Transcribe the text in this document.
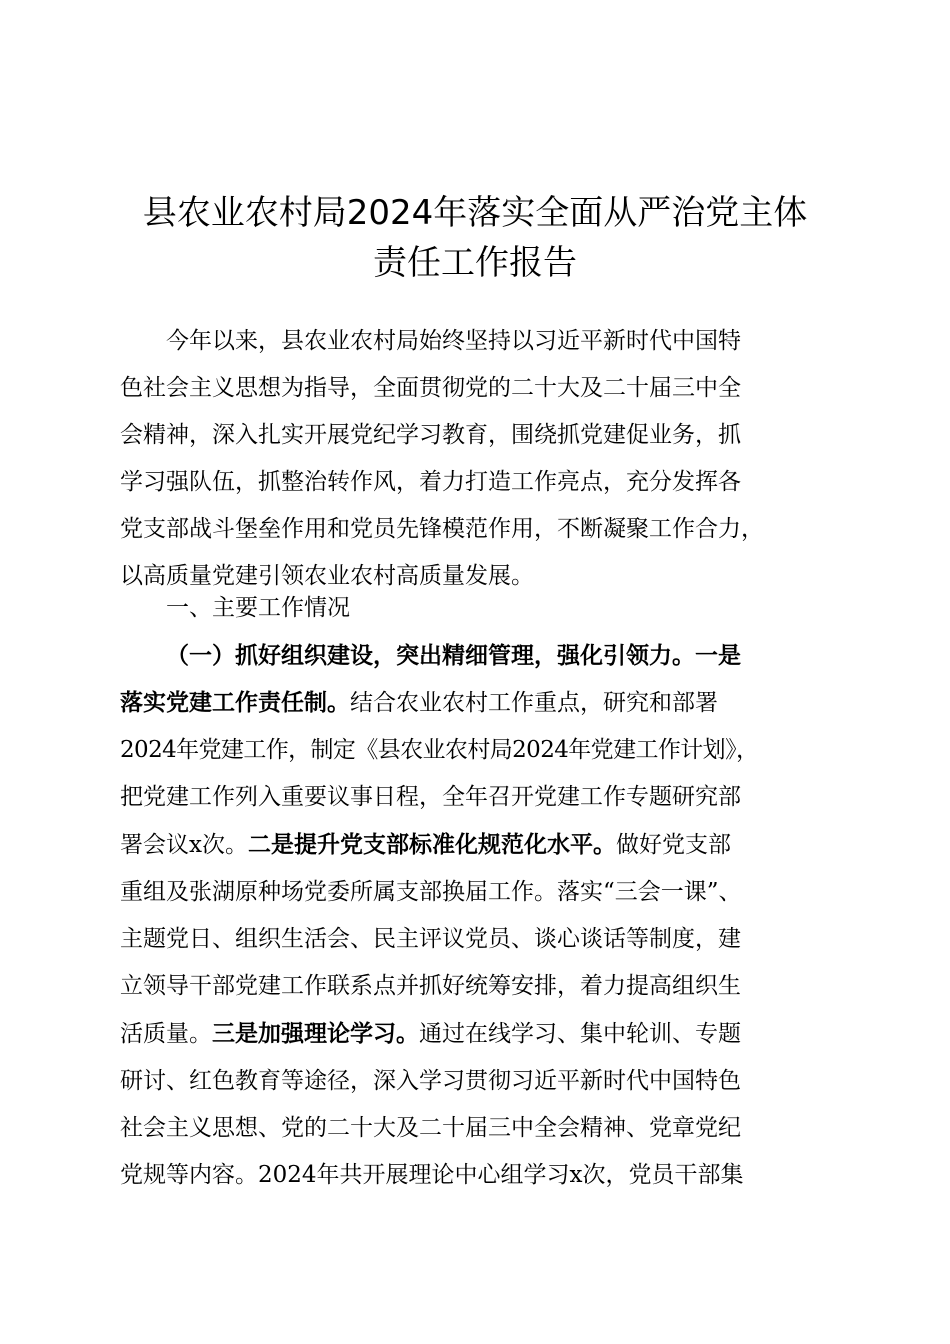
县农业农村局2024年落实全面从严治党主体
责任工作报告
今年以来，县农业农村局始终坚持以习近平新时代中国特
色社会主义思想为指导，全面贯彻党的二十大及二十届三中全
会精神，深入扎实开展党纪学习教育，围绕抓党建促业务，抓
学习强队伍，抓整治转作风，着力打造工作亮点，充分发挥各
党支部战斗堡垒作用和党员先锋模范作用，不断凝聚工作合力，
以高质量党建引领农业农村高质量发展。
一、主要工作情况
（一）抓好组织建设，突出精细管理，强化引领力。一是
落实党建工作责任制。结合农业农村工作重点，研究和部署
2024年党建工作，制定《县农业农村局2024年党建工作计划》，
把党建工作列入重要议事日程，全年召开党建工作专题研究部
署会议x次。二是提升党支部标准化规范化水平。做好党支部
重组及张湖原种场党委所属支部换届工作。落实“三会一课”、
主题党日、组织生活会、民主评议党员、谈心谈话等制度，建
立领导干部党建工作联系点并抓好统筹安排，着力提高组织生
活质量。三是加强理论学习。通过在线学习、集中轮训、专题
研讨、红色教育等途径，深入学习贯彻习近平新时代中国特色
社会主义思想、党的二十大及二十届三中全会精神、党章党纪
党规等内容。2024年共开展理论中心组学习x次，党员干部集
